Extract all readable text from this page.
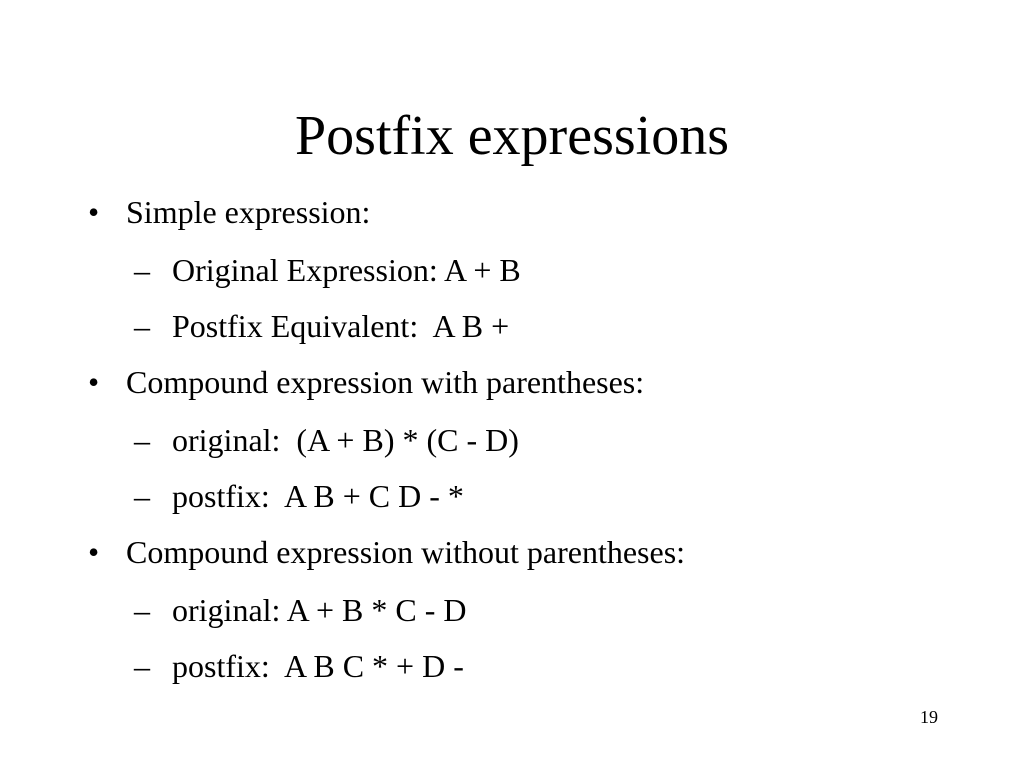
Postfix expressions
• Simple expression:
– Original Expression: A + B
– Postfix Equivalent:  A B +
• Compound expression with parentheses:
– original:  (A + B) * (C - D)
– postfix:  A B + C D - *
• Compound expression without parentheses:
– original: A + B * C - D
– postfix:  A B C * + D -
19
